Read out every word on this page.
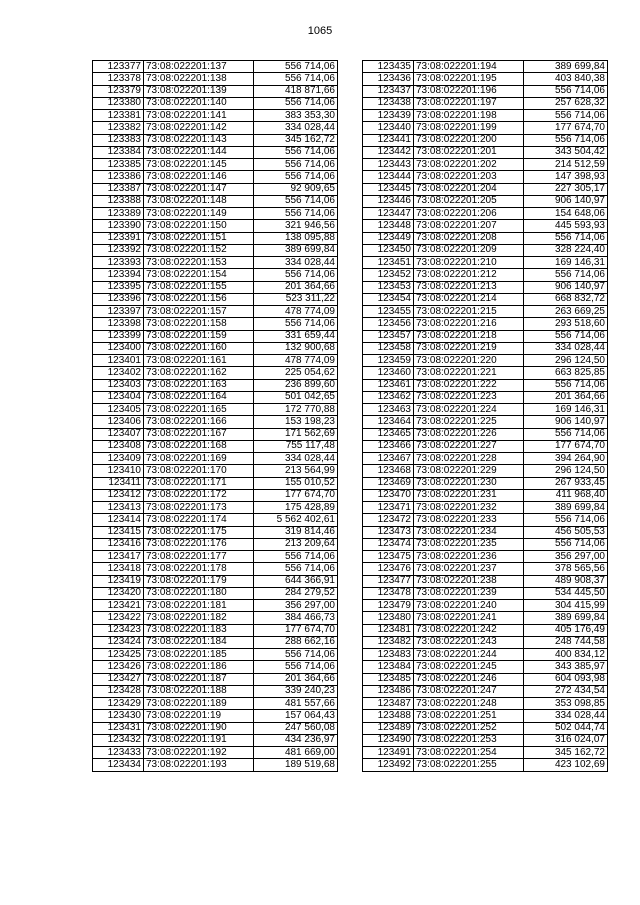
1065
123377	73:08:022201:137	556 714,06
123378	73:08:022201:138	556 714,06
123379	73:08:022201:139	418 871,66
123380	73:08:022201:140	556 714,06
123381	73:08:022201:141	383 353,30
123382	73:08:022201:142	334 028,44
123383	73:08:022201:143	345 162,72
123384	73:08:022201:144	556 714,06
123385	73:08:022201:145	556 714,06
123386	73:08:022201:146	556 714,06
123387	73:08:022201:147	92 909,65
123388	73:08:022201:148	556 714,06
123389	73:08:022201:149	556 714,06
123390	73:08:022201:150	321 946,56
123391	73:08:022201:151	138 095,88
123392	73:08:022201:152	389 699,84
123393	73:08:022201:153	334 028,44
123394	73:08:022201:154	556 714,06
123395	73:08:022201:155	201 364,66
123396	73:08:022201:156	523 311,22
123397	73:08:022201:157	478 774,09
123398	73:08:022201:158	556 714,06
123399	73:08:022201:159	331 659,44
123400	73:08:022201:160	132 900,68
123401	73:08:022201:161	478 774,09
123402	73:08:022201:162	225 054,62
123403	73:08:022201:163	236 899,60
123404	73:08:022201:164	501 042,65
123405	73:08:022201:165	172 770,88
123406	73:08:022201:166	153 198,23
123407	73:08:022201:167	171 562,69
123408	73:08:022201:168	755 117,48
123409	73:08:022201:169	334 028,44
123410	73:08:022201:170	213 564,99
123411	73:08:022201:171	155 010,52
123412	73:08:022201:172	177 674,70
123413	73:08:022201:173	175 428,89
123414	73:08:022201:174	5 562 402,61
123415	73:08:022201:175	319 814,46
123416	73:08:022201:176	213 209,64
123417	73:08:022201:177	556 714,06
123418	73:08:022201:178	556 714,06
123419	73:08:022201:179	644 366,91
123420	73:08:022201:180	284 279,52
123421	73:08:022201:181	356 297,00
123422	73:08:022201:182	384 466,73
123423	73:08:022201:183	177 674,70
123424	73:08:022201:184	288 662,16
123425	73:08:022201:185	556 714,06
123426	73:08:022201:186	556 714,06
123427	73:08:022201:187	201 364,66
123428	73:08:022201:188	339 240,23
123429	73:08:022201:189	481 557,66
123430	73:08:022201:19	157 064,43
123431	73:08:022201:190	247 560,08
123432	73:08:022201:191	434 236,97
123433	73:08:022201:192	481 669,00
123434	73:08:022201:193	189 519,68
123435	73:08:022201:194	389 699,84
123436	73:08:022201:195	403 840,38
123437	73:08:022201:196	556 714,06
123438	73:08:022201:197	257 628,32
123439	73:08:022201:198	556 714,06
123440	73:08:022201:199	177 674,70
123441	73:08:022201:200	556 714,06
123442	73:08:022201:201	343 504,42
123443	73:08:022201:202	214 512,59
123444	73:08:022201:203	147 398,93
123445	73:08:022201:204	227 305,17
123446	73:08:022201:205	906 140,97
123447	73:08:022201:206	154 648,06
123448	73:08:022201:207	445 593,93
123449	73:08:022201:208	556 714,06
123450	73:08:022201:209	328 224,40
123451	73:08:022201:210	169 146,31
123452	73:08:022201:212	556 714,06
123453	73:08:022201:213	906 140,97
123454	73:08:022201:214	668 832,72
123455	73:08:022201:215	263 669,25
123456	73:08:022201:216	293 518,60
123457	73:08:022201:218	556 714,06
123458	73:08:022201:219	334 028,44
123459	73:08:022201:220	296 124,50
123460	73:08:022201:221	663 825,85
123461	73:08:022201:222	556 714,06
123462	73:08:022201:223	201 364,66
123463	73:08:022201:224	169 146,31
123464	73:08:022201:225	906 140,97
123465	73:08:022201:226	556 714,06
123466	73:08:022201:227	177 674,70
123467	73:08:022201:228	394 264,90
123468	73:08:022201:229	296 124,50
123469	73:08:022201:230	267 933,45
123470	73:08:022201:231	411 968,40
123471	73:08:022201:232	389 699,84
123472	73:08:022201:233	556 714,06
123473	73:08:022201:234	456 505,53
123474	73:08:022201:235	556 714,06
123475	73:08:022201:236	356 297,00
123476	73:08:022201:237	378 565,56
123477	73:08:022201:238	489 908,37
123478	73:08:022201:239	534 445,50
123479	73:08:022201:240	304 415,99
123480	73:08:022201:241	389 699,84
123481	73:08:022201:242	405 176,49
123482	73:08:022201:243	248 744,58
123483	73:08:022201:244	400 834,12
123484	73:08:022201:245	343 385,97
123485	73:08:022201:246	604 093,98
123486	73:08:022201:247	272 434,54
123487	73:08:022201:248	353 098,85
123488	73:08:022201:251	334 028,44
123489	73:08:022201:252	502 044,74
123490	73:08:022201:253	316 024,07
123491	73:08:022201:254	345 162,72
123492	73:08:022201:255	423 102,69
